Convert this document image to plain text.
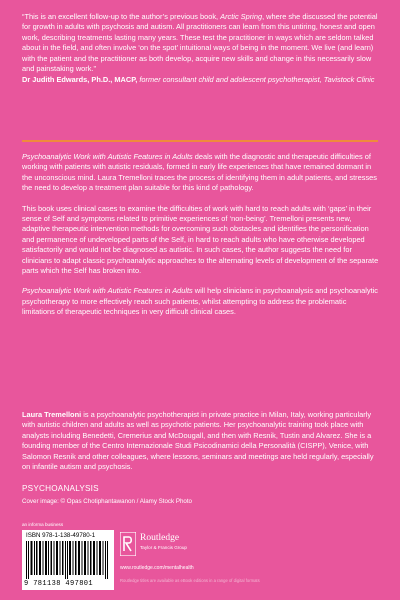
“This is an excellent follow-up to the author’s previous book, Arctic Spring, where she discussed the potential for growth in adults with psychosis and autism. All practitioners can learn from this untiring, honest and open work, describing treatments lasting many years. These test the practitioner in ways which are seldom talked about in the field, and often involve ‘on the spot’ intuitional ways of being in the moment. We live (and learn) with the patient and the practitioner as both develop, acquire new skills and change in this necessarily slow and painstaking work.”
Dr Judith Edwards, Ph.D., MACP, former consultant child and adolescent psychotherapist, Tavistock Clinic

Psychoanalytic Work with Autistic Features in Adults deals with the diagnostic and therapeutic difficulties of working with patients with autistic residuals, formed in early life experiences that have remained dormant in the unconscious mind. Laura Tremelloni traces the process of identifying them in adult patients, and stresses the need to develop a treatment plan suitable for this kind of pathology.

This book uses clinical cases to examine the difficulties of work with hard to reach adults with ‘gaps’ in their sense of Self and symptoms related to primitive experiences of ‘non-being’. Tremelloni presents new, adaptive therapeutic intervention methods for overcoming such obstacles and identifies the personification and permanence of undeveloped parts of the Self, in hard to reach adults who have otherwise developed satisfactorily and would not be diagnosed as autistic. In such cases, the author suggests the need for clinicians to adapt classic psychoanalytic approaches to the alternating levels of development of the separate parts which the Self has broken into.

Psychoanalytic Work with Autistic Features in Adults will help clinicians in psychoanalysis and psychoanalytic psychotherapy to more effectively reach such patients, whilst attempting to address the problematic limitations of therapeutic techniques in very difficult clinical cases.

Laura Tremelloni is a psychoanalytic psychotherapist in private practice in Milan, Italy, working particularly with autistic children and adults as well as psychotic patients. Her psychoanalytic training took place with analysts including Benedetti, Cremerius and McDougall, and then with Resnik, Tustin and Alvarez. She is a founding member of the Centro Internazionale Studi Psicodinamici della Personalità (CISPP), Venice, with Salomon Resnik and other colleagues, where lessons, seminars and meetings are held regularly, especially on infantile autism and psychosis.
PSYCHOANALYSIS
Cover image: © Opas Chotiphantawanon / Alamy Stock Photo
an informa business
ISBN 978-1-138-49780-1
9 781138 497801
Routledge
Taylor & Francis Group
www.routledge.com/mentalhealth
Routledge titles are available as eBook editions in a range of digital formats
